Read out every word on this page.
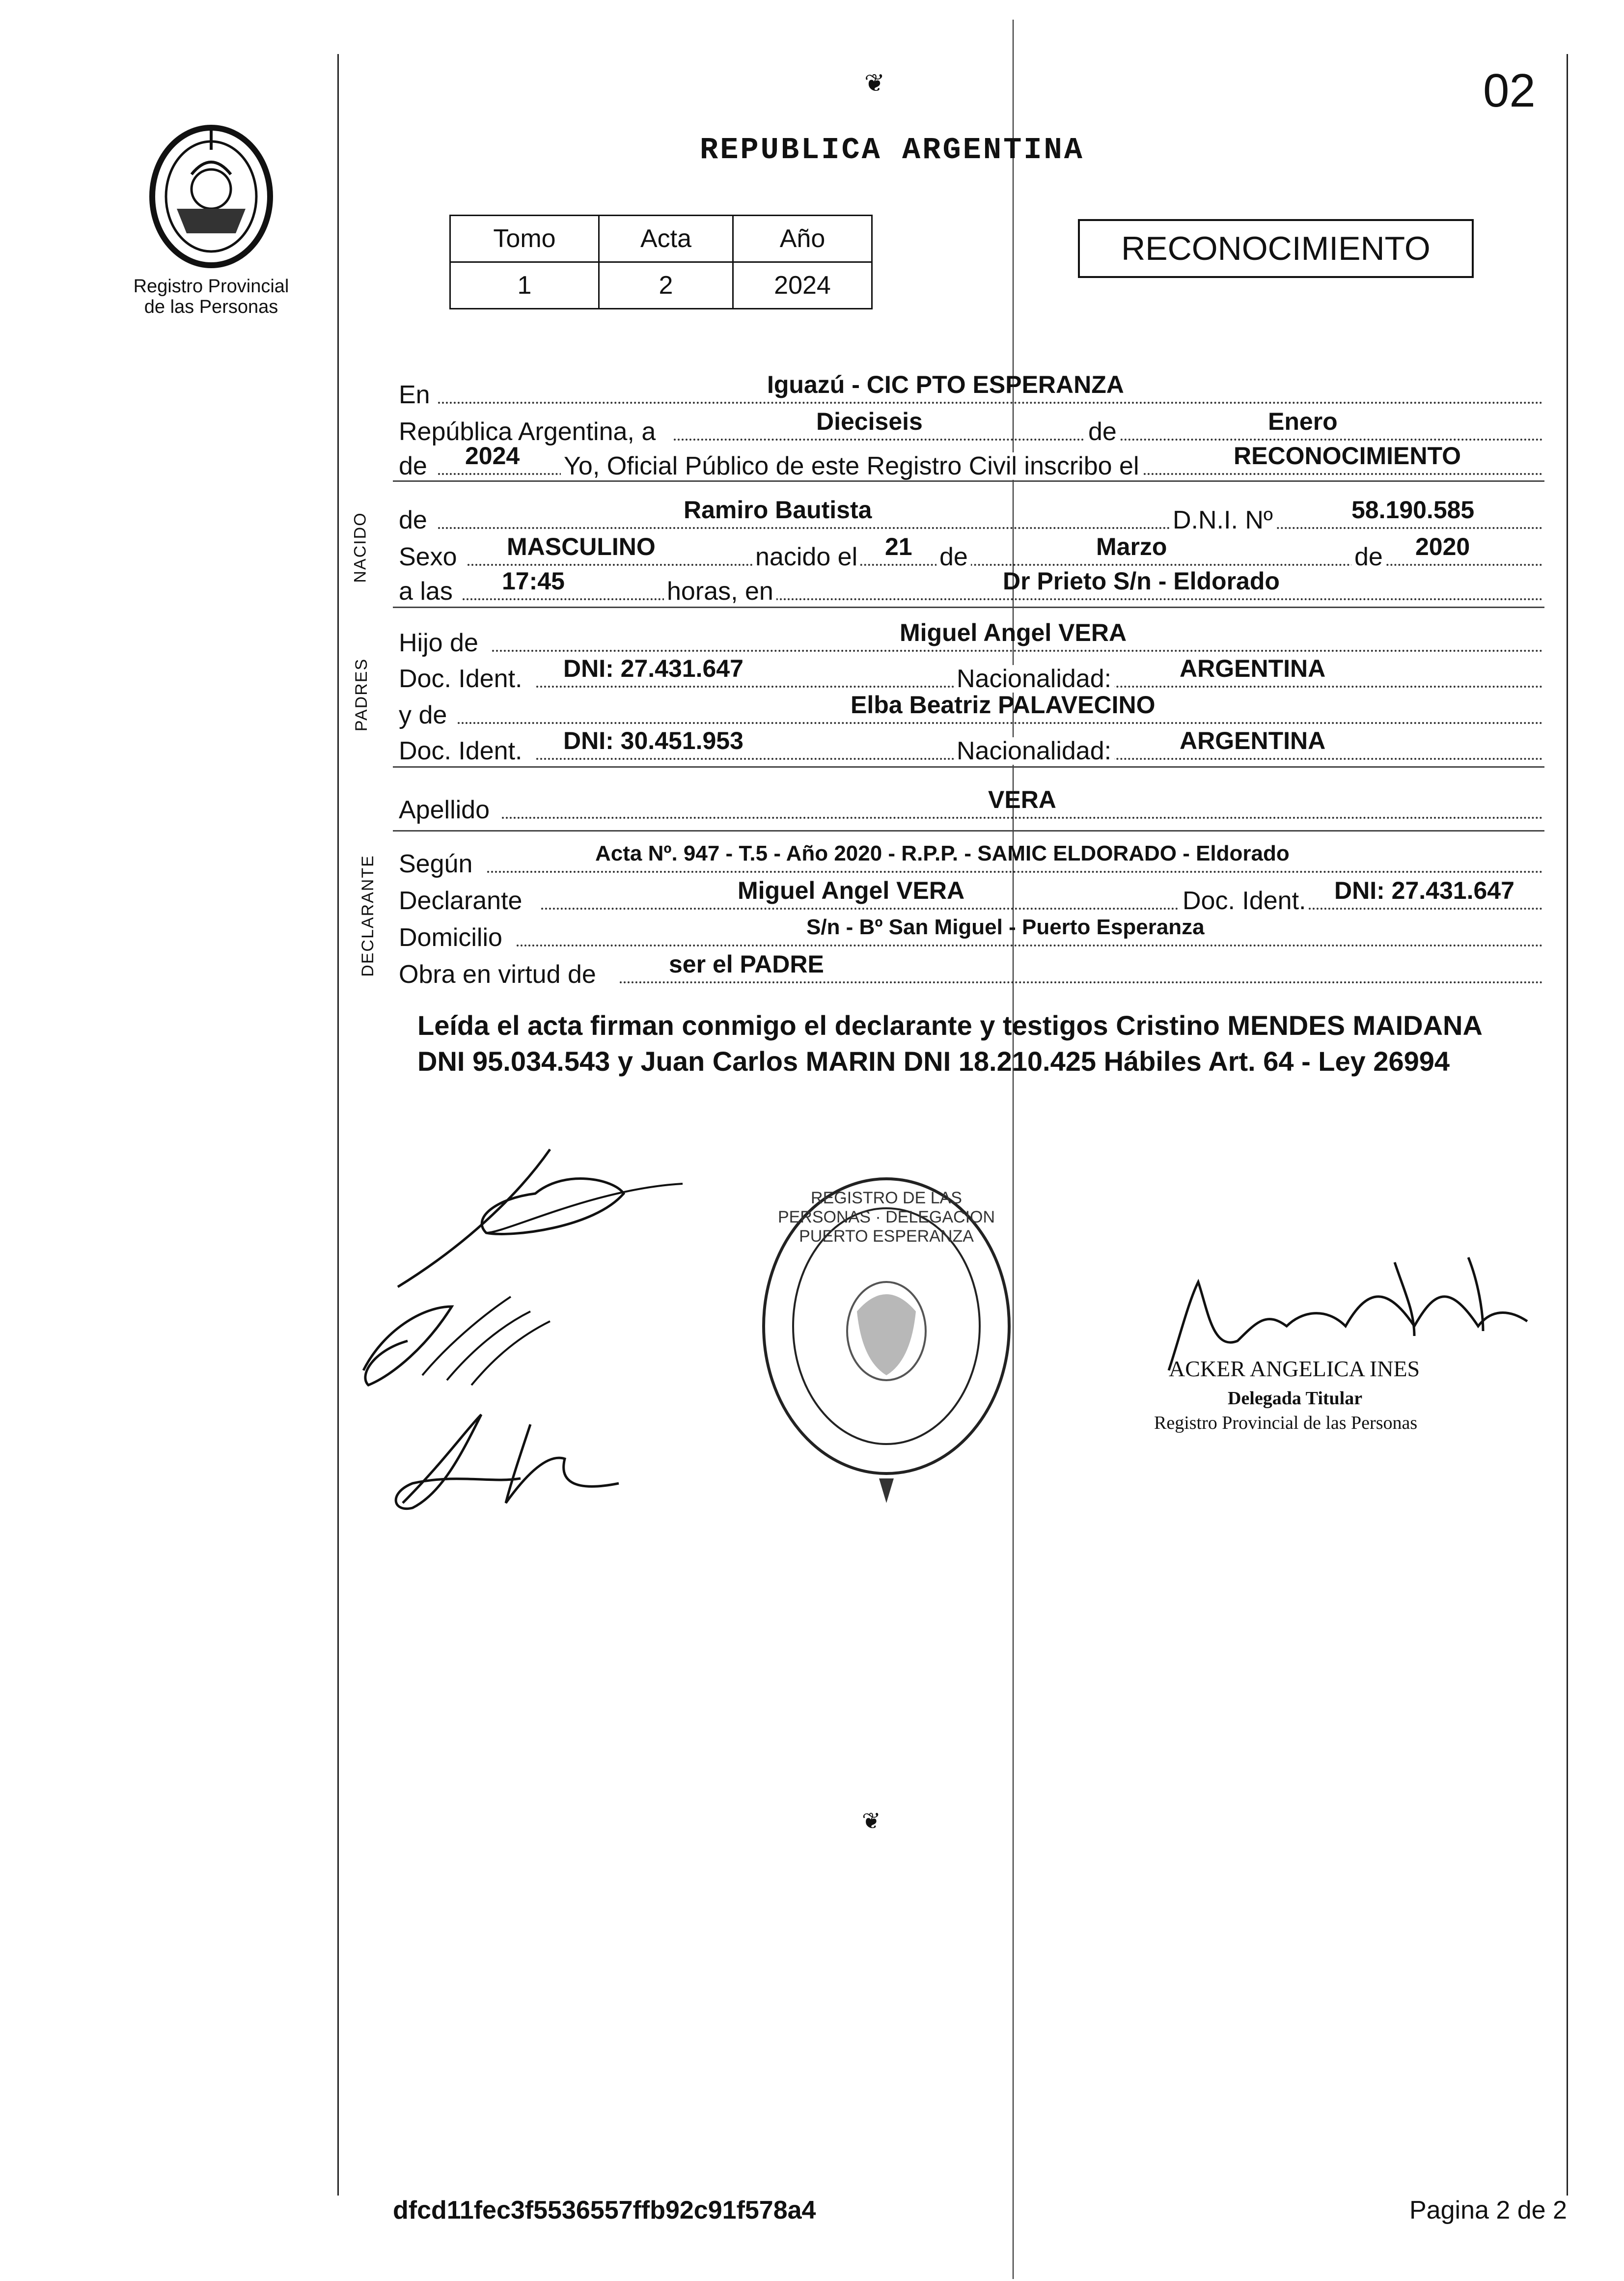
Registro Provincial
de las Personas
02
❦
REPUBLICA ARGENTINA
Tomo	Acta	Año
1	2	2024
RECONOCIMIENTO
NACIDO
PADRES
DECLARANTE
En	Iguazú - CIC PTO ESPERANZA
República Argentina, a	Dieciseis	de	Enero
de 2024 Yo, Oficial Público de este Registro Civil inscribo el	RECONOCIMIENTO
de	Ramiro Bautista	D.N.I. Nº	58.190.585
Sexo MASCULINO	nacido el 21 de	Marzo	de 2020
a las 17:45	horas, en	Dr Prieto S/n - Eldorado
Hijo de	Miguel Angel VERA
Doc. Ident. DNI: 27.431.647	Nacionalidad:	ARGENTINA
y de	Elba Beatriz PALAVECINO
Doc. Ident. DNI: 30.451.953	Nacionalidad:	ARGENTINA
Apellido	VERA
Según	Acta Nº. 947 - T.5 - Año 2020 - R.P.P. - SAMIC ELDORADO - Eldorado
Declarante	Miguel Angel VERA	Doc. Ident. DNI: 27.431.647
Domicilio	S/n - Bº San Miguel - Puerto Esperanza
Obra en virtud de	ser el PADRE
Leída el acta firman conmigo el declarante y testigos Cristino MENDES MAIDANA
DNI 95.034.543 y Juan Carlos MARIN DNI 18.210.425 Hábiles Art. 64 - Ley 26994
REGISTRO DE LAS PERSONAS · DELEGACION PUERTO ESPERANZA
ACKER ANGELICA INES
Delegada Titular
Registro Provincial de las Personas
❦
dfcd11fec3f5536557ffb92c91f578a4	Pagina 2 de 2
